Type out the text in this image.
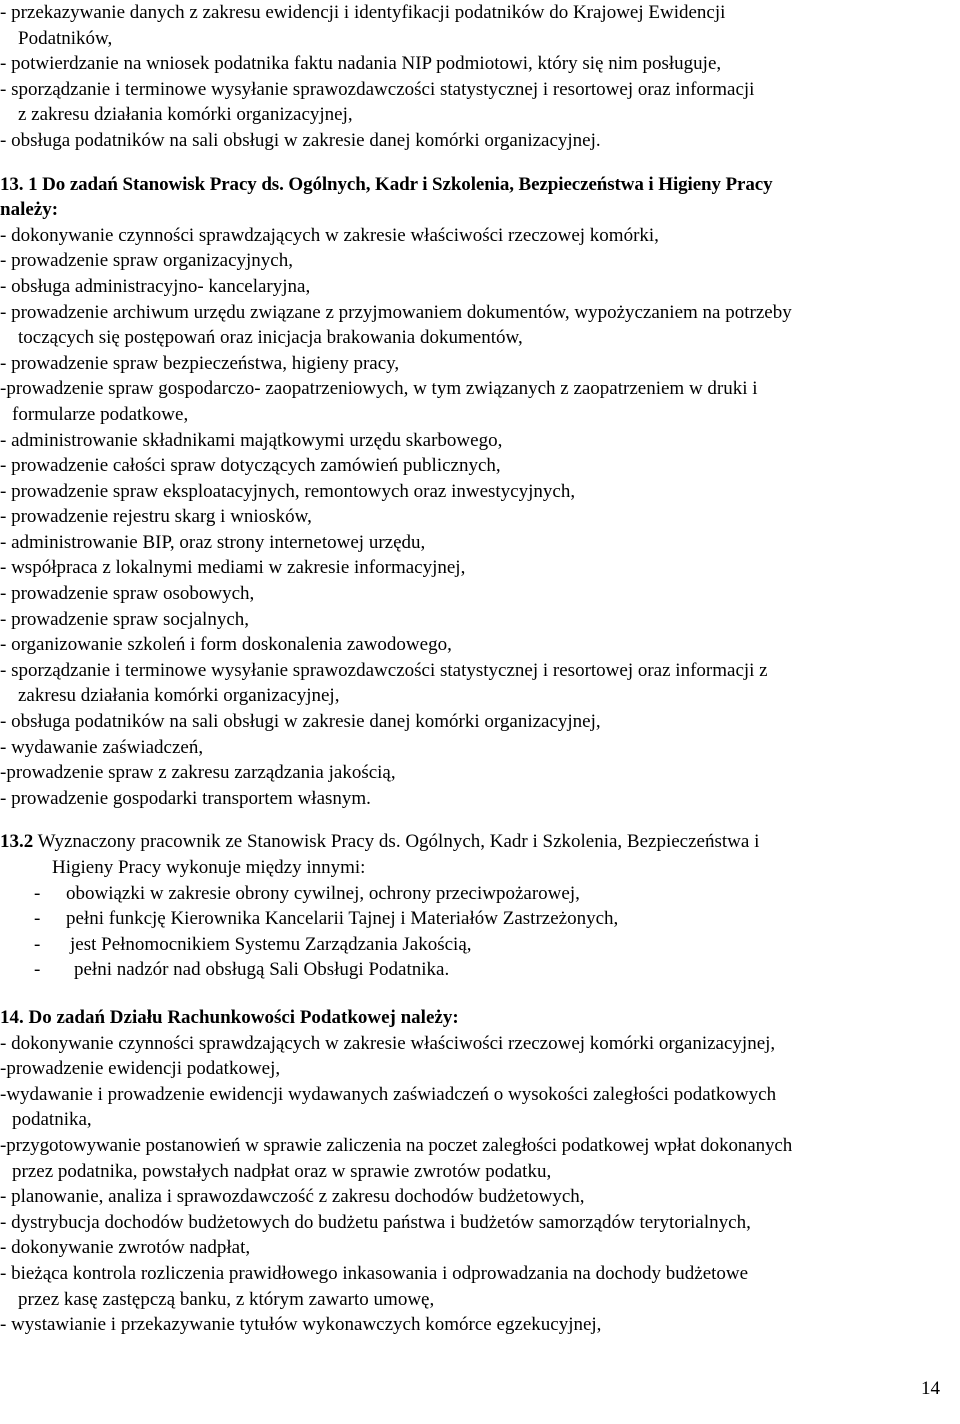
- przekazywanie danych z zakresu ewidencji i identyfikacji podatników do Krajowej Ewidencji
Podatników,
- potwierdzanie na wniosek podatnika faktu nadania NIP podmiotowi, który się nim posługuje,
- sporządzanie i terminowe wysyłanie sprawozdawczości statystycznej i resortowej oraz informacji
z zakresu działania komórki organizacyjnej,
- obsługa podatników na sali obsługi w zakresie danej komórki organizacyjnej.
13. 1 Do zadań Stanowisk Pracy ds. Ogólnych, Kadr i Szkolenia, Bezpieczeństwa i Higieny Pracy
należy:
- dokonywanie czynności sprawdzających w zakresie właściwości rzeczowej komórki,
- prowadzenie spraw organizacyjnych,
- obsługa administracyjno- kancelaryjna,
- prowadzenie archiwum urzędu związane z przyjmowaniem dokumentów, wypożyczaniem na potrzeby
toczących się postępowań oraz inicjacja brakowania dokumentów,
- prowadzenie spraw bezpieczeństwa, higieny pracy,
-prowadzenie spraw gospodarczo- zaopatrzeniowych, w tym związanych z zaopatrzeniem w druki i
formularze podatkowe,
- administrowanie składnikami majątkowymi urzędu skarbowego,
- prowadzenie całości spraw dotyczących zamówień publicznych,
- prowadzenie spraw eksploatacyjnych, remontowych oraz inwestycyjnych,
- prowadzenie rejestru skarg i wniosków,
- administrowanie BIP, oraz strony internetowej urzędu,
- współpraca z lokalnymi mediami w zakresie informacyjnej,
- prowadzenie spraw osobowych,
- prowadzenie spraw socjalnych,
- organizowanie szkoleń i form doskonalenia zawodowego,
- sporządzanie i terminowe wysyłanie sprawozdawczości statystycznej i resortowej oraz informacji z
zakresu działania komórki organizacyjnej,
- obsługa podatników na sali obsługi w zakresie danej komórki organizacyjnej,
- wydawanie zaświadczeń,
-prowadzenie spraw z zakresu zarządzania jakością,
- prowadzenie gospodarki transportem własnym.
13.2 Wyznaczony pracownik ze Stanowisk Pracy ds. Ogólnych, Kadr i Szkolenia, Bezpieczeństwa i
Higieny Pracy wykonuje między innymi:
- obowiązki w zakresie obrony cywilnej, ochrony przeciwpożarowej,
- pełni funkcję Kierownika Kancelarii Tajnej i Materiałów Zastrzeżonych,
- jest Pełnomocnikiem Systemu Zarządzania Jakością,
- pełni nadzór nad obsługą Sali Obsługi Podatnika.
14. Do zadań Działu Rachunkowości Podatkowej należy:
- dokonywanie czynności sprawdzających w zakresie właściwości rzeczowej komórki organizacyjnej,
-prowadzenie ewidencji podatkowej,
-wydawanie i prowadzenie ewidencji wydawanych zaświadczeń o wysokości zaległości podatkowych
podatnika,
-przygotowywanie postanowień w sprawie zaliczenia na poczet zaległości podatkowej wpłat dokonanych
przez podatnika, powstałych nadpłat oraz w sprawie zwrotów podatku,
- planowanie, analiza i sprawozdawczość z zakresu dochodów budżetowych,
- dystrybucja dochodów budżetowych do budżetu państwa i budżetów samorządów terytorialnych,
- dokonywanie zwrotów nadpłat,
- bieżąca kontrola rozliczenia prawidłowego inkasowania i odprowadzania na dochody budżetowe
przez kasę zastępczą banku, z którym zawarto umowę,
- wystawianie i przekazywanie tytułów wykonawczych komórce egzekucyjnej,
14
